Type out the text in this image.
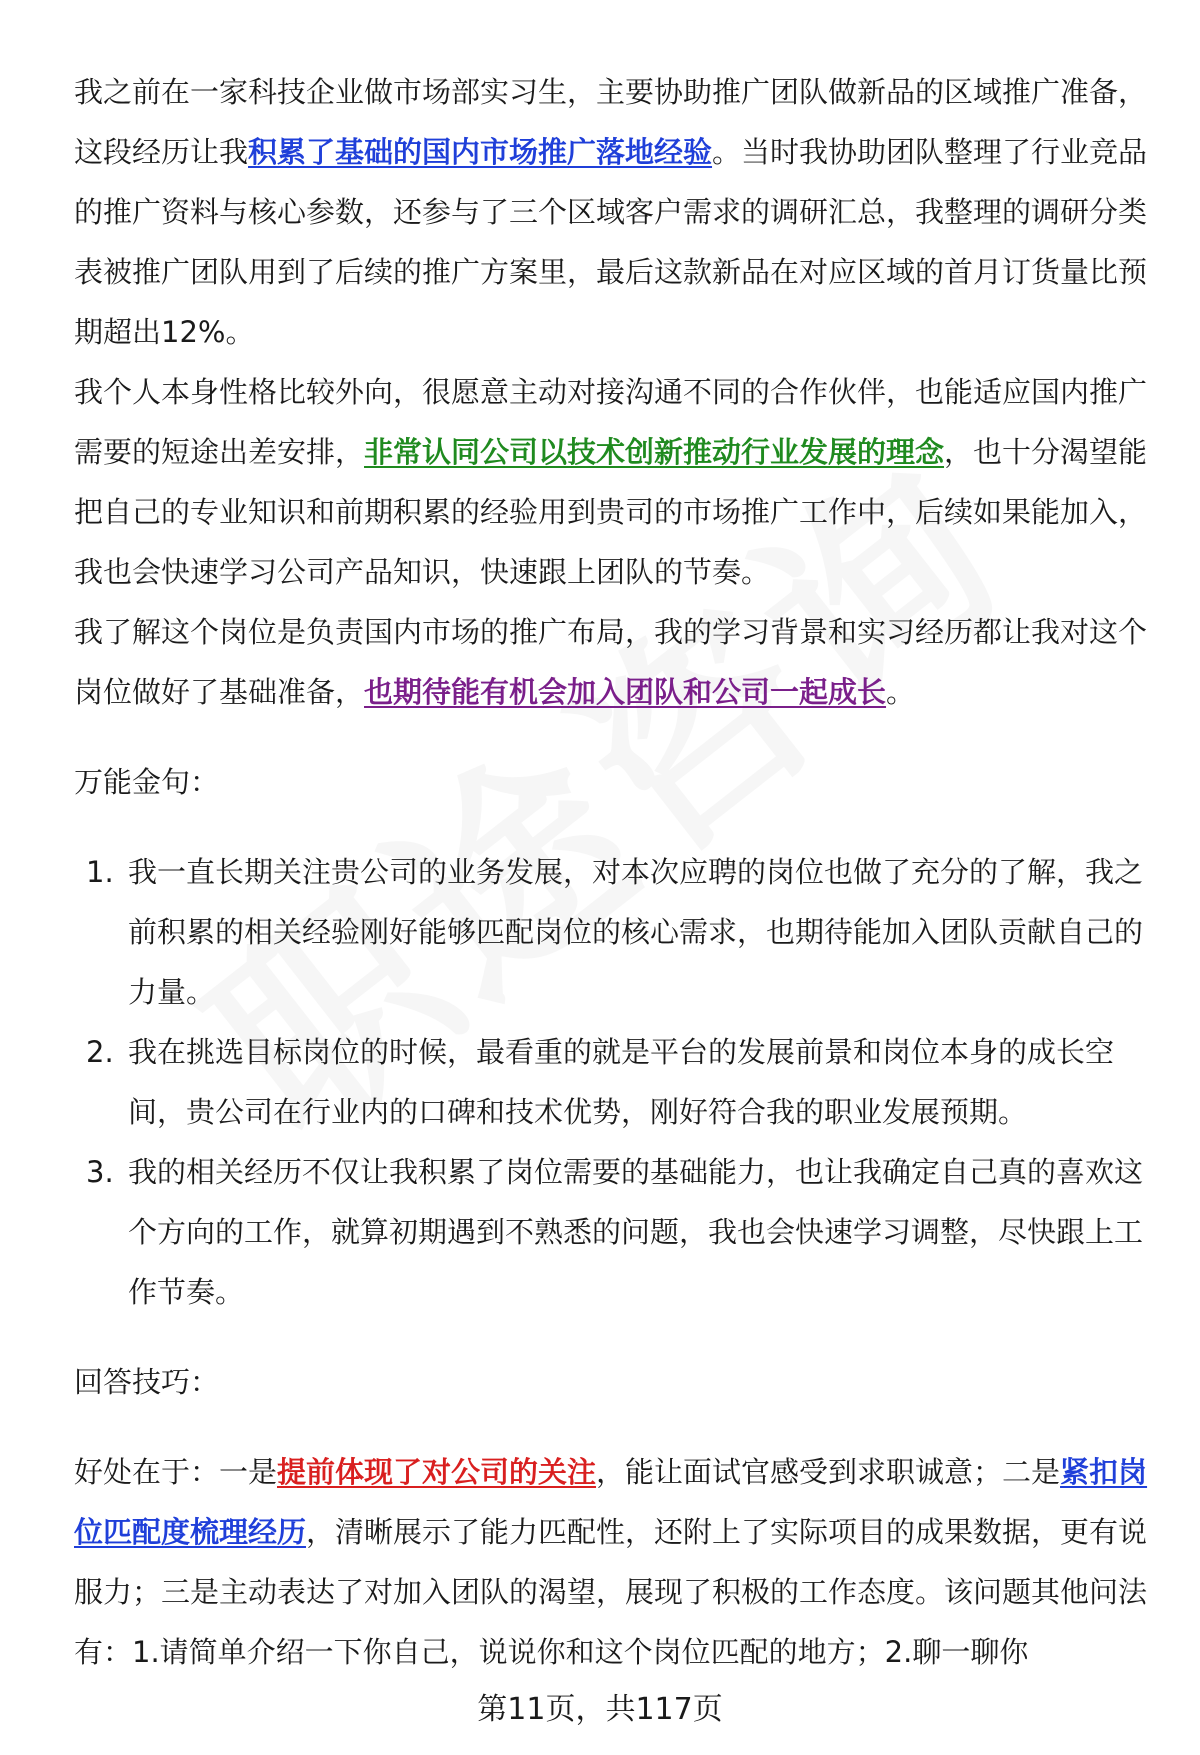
我之前在一家科技企业做市场部实习生，主要协助推广团队做新品的区域推广准备，这段经历让我积累了基础的国内市场推广落地经验。当时我协助团队整理了行业竞品的推广资料与核心参数，还参与了三个区域客户需求的调研汇总，我整理的调研分类表被推广团队用到了后续的推广方案里，最后这款新品在对应区域的首月订货量比预期超出12%。

我个人本身性格比较外向，很愿意主动对接沟通不同的合作伙伴，也能适应国内推广需要的短途出差安排，非常认同公司以技术创新推动行业发展的理念，也十分渴望能把自己的专业知识和前期积累的经验用到贵司的市场推广工作中，后续如果能加入，我也会快速学习公司产品知识，快速跟上团队的节奏。

我了解这个岗位是负责国内市场的推广布局，我的学习背景和实习经历都让我对这个岗位做好了基础准备，也期待能有机会加入团队和公司一起成长。

万能金句：

1. 我一直长期关注贵公司的业务发展，对本次应聘的岗位也做了充分的了解，我之前积累的相关经验刚好能够匹配岗位的核心需求，也期待能加入团队贡献自己的力量。
2. 我在挑选目标岗位的时候，最看重的就是平台的发展前景和岗位本身的成长空间，贵公司在行业内的口碑和技术优势，刚好符合我的职业发展预期。
3. 我的相关经历不仅让我积累了岗位需要的基础能力，也让我确定自己真的喜欢这个方向的工作，就算初期遇到不熟悉的问题，我也会快速学习调整，尽快跟上工作节奏。

回答技巧：

好处在于：一是提前体现了对公司的关注，能让面试官感受到求职诚意；二是紧扣岗位匹配度梳理经历，清晰展示了能力匹配性，还附上了实际项目的成果数据，更有说服力；三是主动表达了对加入团队的渴望，展现了积极的工作态度。该问题其他问法有：1.请简单介绍一下你自己，说说你和这个岗位匹配的地方；2.聊一聊你

第11页，共117页
